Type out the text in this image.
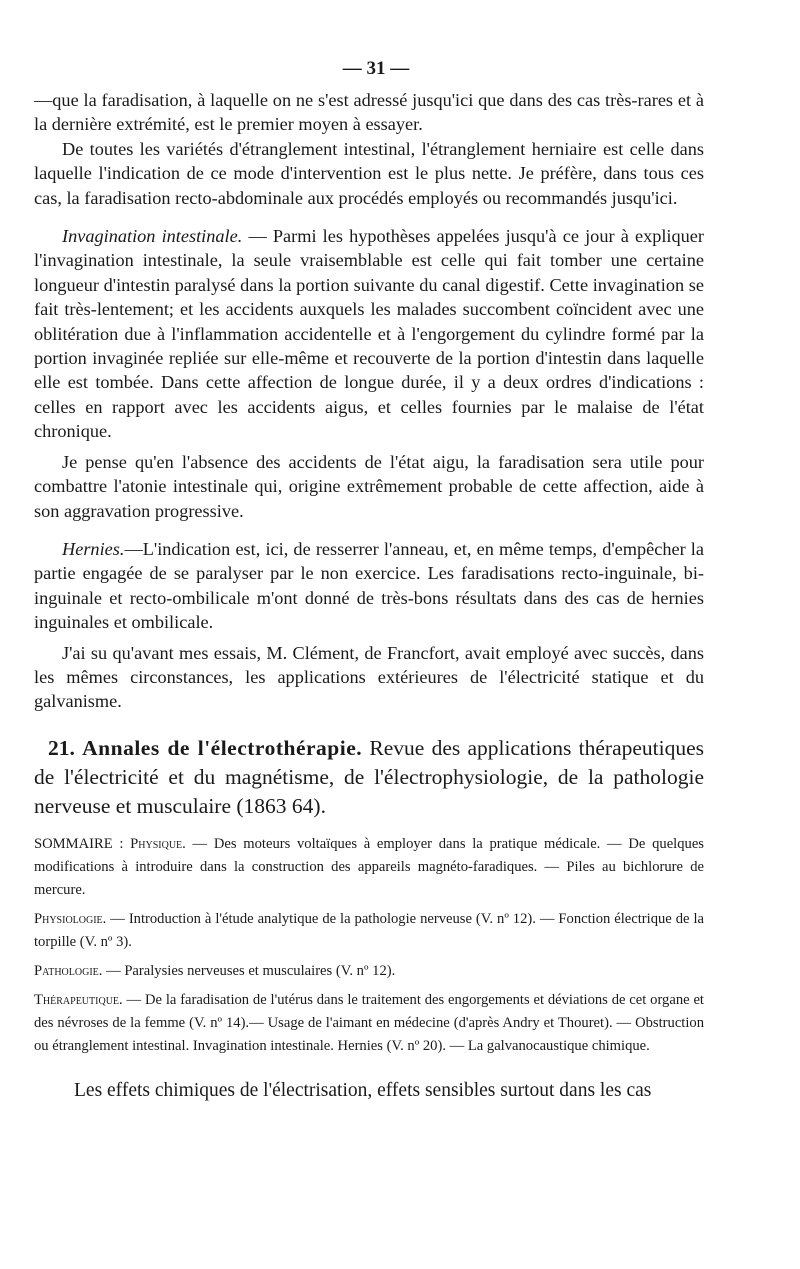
— 31 —

—que la faradisation, à laquelle on ne s'est adressé jusqu'ici que dans des cas très-rares et à la dernière extrémité, est le premier moyen à essayer.

De toutes les variétés d'étranglement intestinal, l'étranglement herniaire est celle dans laquelle l'indication de ce mode d'intervention est le plus nette. Je préfère, dans tous ces cas, la faradisation recto-abdominale aux procédés employés ou recommandés jusqu'ici.

Invagination intestinale. — Parmi les hypothèses appelées jusqu'à ce jour à expliquer l'invagination intestinale, la seule vraisemblable est celle qui fait tomber une certaine longueur d'intestin paralysé dans la portion suivante du canal digestif. Cette invagination se fait très-lentement; et les accidents auxquels les malades succombent coïncident avec une oblitération due à l'inflammation accidentelle et à l'engorgement du cylindre formé par la portion invaginée repliée sur elle-même et recouverte de la portion d'intestin dans laquelle elle est tombée. Dans cette affection de longue durée, il y a deux ordres d'indications : celles en rapport avec les accidents aigus, et celles fournies par le malaise de l'état chronique.

Je pense qu'en l'absence des accidents de l'état aigu, la faradisation sera utile pour combattre l'atonie intestinale qui, origine extrêmement probable de cette affection, aide à son aggravation progressive.

Hernies.—L'indication est, ici, de resserrer l'anneau, et, en même temps, d'empêcher la partie engagée de se paralyser par le non exercice. Les faradisations recto-inguinale, bi-inguinale et recto-ombilicale m'ont donné de très-bons résultats dans des cas de hernies inguinales et ombilicale.

J'ai su qu'avant mes essais, M. Clément, de Francfort, avait employé avec succès, dans les mêmes circonstances, les applications extérieures de l'électricité statique et du galvanisme.

21. Annales de l'électrothérapie. Revue des applications thérapeutiques de l'électricité et du magnétisme, de l'électrophysiologie, de la pathologie nerveuse et musculaire (1863 64).
SOMMAIRE : Physique. — Des moteurs voltaïques à employer dans la pratique médicale. — De quelques modifications à introduire dans la construction des appareils magnéto-faradiques. — Piles au bichlorure de mercure.
Physiologie. — Introduction à l'étude analytique de la pathologie nerveuse (V. nº 12). — Fonction électrique de la torpille (V. nº 3).
Pathologie. — Paralysies nerveuses et musculaires (V. nº 12).
Thérapeutique. — De la faradisation de l'utérus dans le traitement des engorgements et déviations de cet organe et des névroses de la femme (V. nº 14).— Usage de l'aimant en médecine (d'après Andry et Thouret). — Obstruction ou étranglement intestinal. Invagination intestinale. Hernies (V. nº 20). — La galvanocaustique chimique.

Les effets chimiques de l'électrisation, effets sensibles surtout dans les cas
